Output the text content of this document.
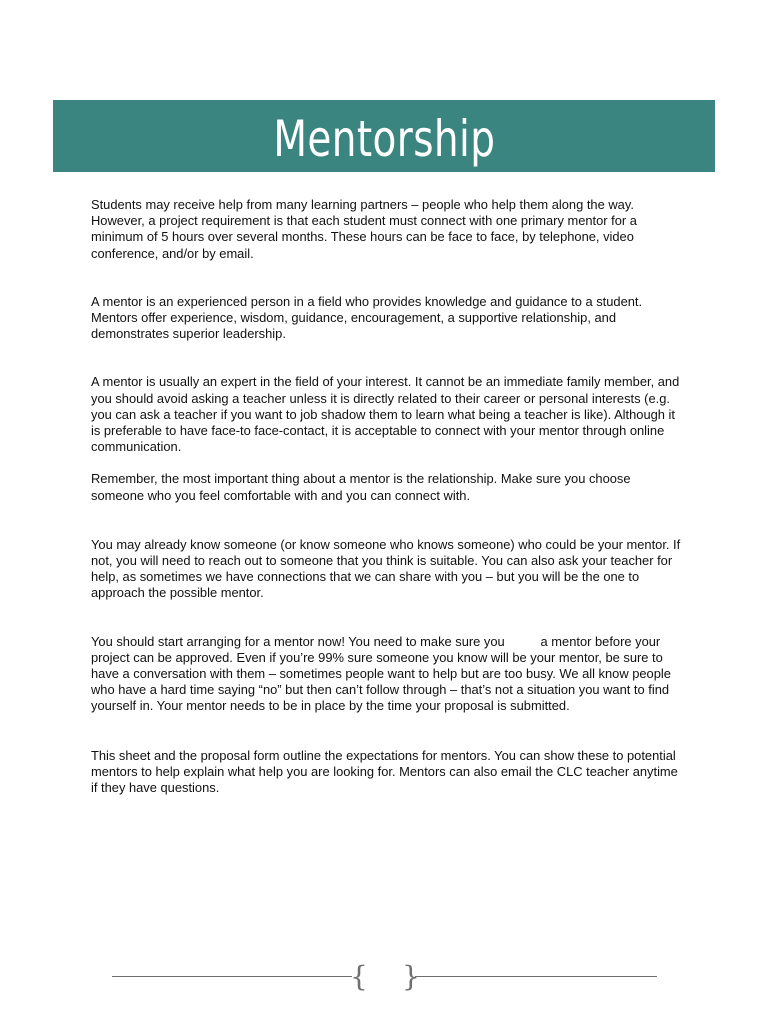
Mentorship

Students may receive help from many learning partners – people who help them along the way. However, a project requirement is that each student must connect with one primary mentor for a minimum of 5 hours over several months. These hours can be face to face, by telephone, video conference, and/or by email.

A mentor is an experienced person in a field who provides knowledge and guidance to a student. Mentors offer experience, wisdom, guidance, encouragement, a supportive relationship, and demonstrates superior leadership.

A mentor is usually an expert in the field of your interest. It cannot be an immediate family member, and you should avoid asking a teacher unless it is directly related to their career or personal interests (e.g. you can ask a teacher if you want to job shadow them to learn what being a teacher is like). Although it is preferable to have face-to face-contact, it is acceptable to connect with your mentor through online communication.

Remember, the most important thing about a mentor is the relationship. Make sure you choose someone who you feel comfortable with and you can connect with.

You may already know someone (or know someone who knows someone) who could be your mentor. If not, you will need to reach out to someone that you think is suitable. You can also ask your teacher for help, as sometimes we have connections that we can share with you – but you will be the one to approach the possible mentor.

You should start arranging for a mentor now! You need to make sure you          a mentor before your project can be approved. Even if you’re 99% sure someone you know will be your mentor, be sure to have a conversation with them – sometimes people want to help but are too busy. We all know people who have a hard time saying “no” but then can’t follow through – that’s not a situation you want to find yourself in. Your mentor needs to be in place by the time your proposal is submitted.

This sheet and the proposal form outline the expectations for mentors. You can show these to potential mentors to help explain what help you are looking for. Mentors can also email the CLC teacher anytime if they have questions.

{ }
